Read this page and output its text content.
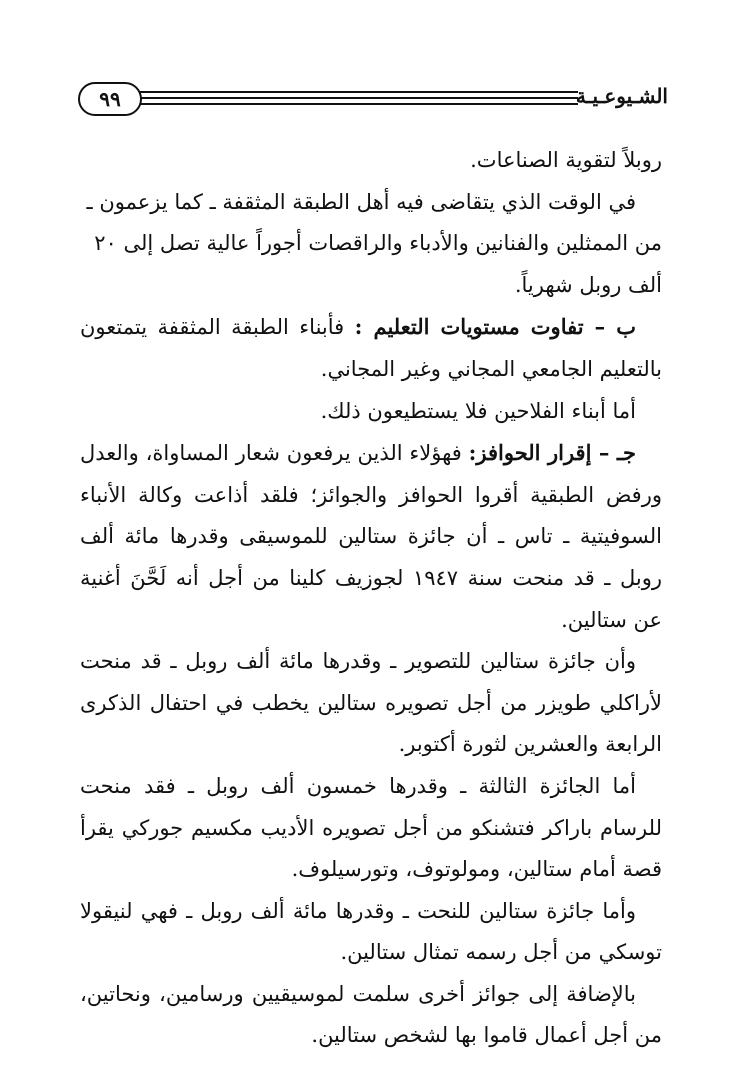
٩٩	الشـيوعـيـة

روبلاً لتقوية الصناعات.

في الوقت الذي يتقاضى فيه أهل الطبقة المثقفة ـ كما يزعمون ـ من الممثلين والفنانين والأدباء والراقصات أجوراً عالية تصل إلى ٢٠ ألف روبل شهرياً.

ب – تفاوت مستويات التعليم : فأبناء الطبقة المثقفة يتمتعون بالتعليم الجامعي المجاني وغير المجاني.

أما أبناء الفلاحين فلا يستطيعون ذلك.

جـ – إقرار الحوافز: فهؤلاء الذين يرفعون شعار المساواة، والعدل ورفض الطبقية أقروا الحوافز والجوائز؛ فلقد أذاعت وكالة الأنباء السوفيتية ـ تاس ـ أن جائزة ستالين للموسيقى وقدرها مائة ألف روبل ـ قد منحت سنة ١٩٤٧ لجوزيف كلينا من أجل أنه لَحَّنَ أغنية عن ستالين.

وأن جائزة ستالين للتصوير ـ وقدرها مائة ألف روبل ـ قد منحت لأراكلي طويزر من أجل تصويره ستالين يخطب في احتفال الذكرى الرابعة والعشرين لثورة أكتوبر.

أما الجائزة الثالثة ـ وقدرها خمسون ألف روبل ـ فقد منحت للرسام باراكر فتشنكو من أجل تصويره الأديب مكسيم جوركي يقرأ قصة أمام ستالين، ومولوتوف، وتورسيلوف.

وأما جائزة ستالين للنحت ـ وقدرها مائة ألف روبل ـ فهي لنيقولا توسكي من أجل رسمه تمثال ستالين.

بالإضافة إلى جوائز أخرى سلمت لموسيقيين ورسامين، ونحاتين، من أجل أعمال قاموا بها لشخص ستالين.
